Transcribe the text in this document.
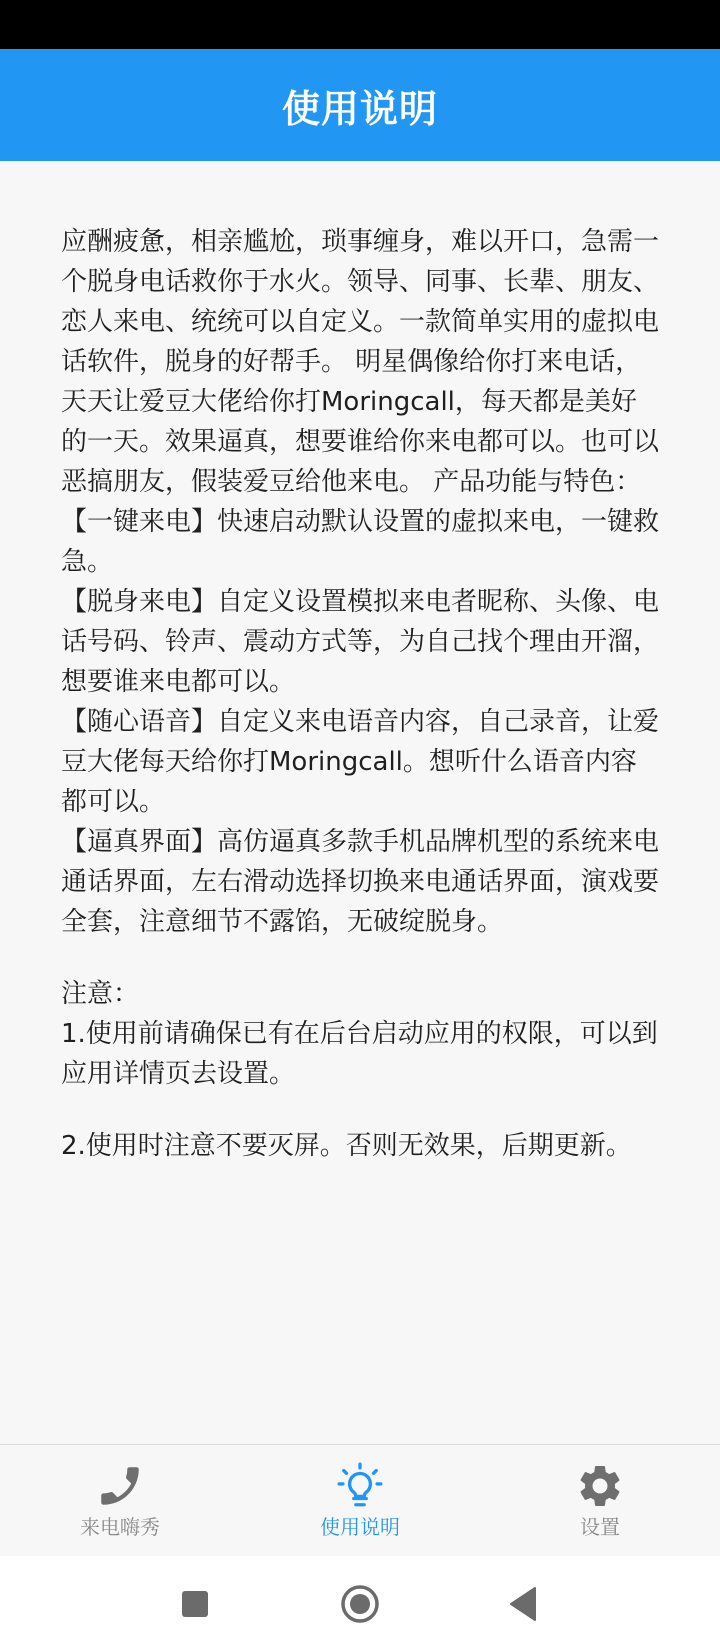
使用说明

应酬疲惫，相亲尴尬，琐事缠身，难以开口，急需一个脱身电话救你于水火。领导、同事、长辈、朋友、恋人来电、统统可以自定义。一款简单实用的虚拟电话软件，脱身的好帮手。 明星偶像给你打来电话，天天让爱豆大佬给你打Moringcall，每天都是美好的一天。效果逼真，想要谁给你来电都可以。也可以恶搞朋友，假装爱豆给他来电。 产品功能与特色：

【一键来电】快速启动默认设置的虚拟来电，一键救急。

【脱身来电】自定义设置模拟来电者昵称、头像、电话号码、铃声、震动方式等，为自己找个理由开溜，想要谁来电都可以。

【随心语音】自定义来电语音内容，自己录音，让爱豆大佬每天给你打Moringcall。想听什么语音内容都可以。

【逼真界面】高仿逼真多款手机品牌机型的系统来电通话界面，左右滑动选择切换来电通话界面，演戏要全套，注意细节不露馅，无破绽脱身。

注意：

1.使用前请确保已有在后台启动应用的权限，可以到应用详情页去设置。

2.使用时注意不要灭屏。否则无效果，后期更新。

来电嗨秀	使用说明	设置
